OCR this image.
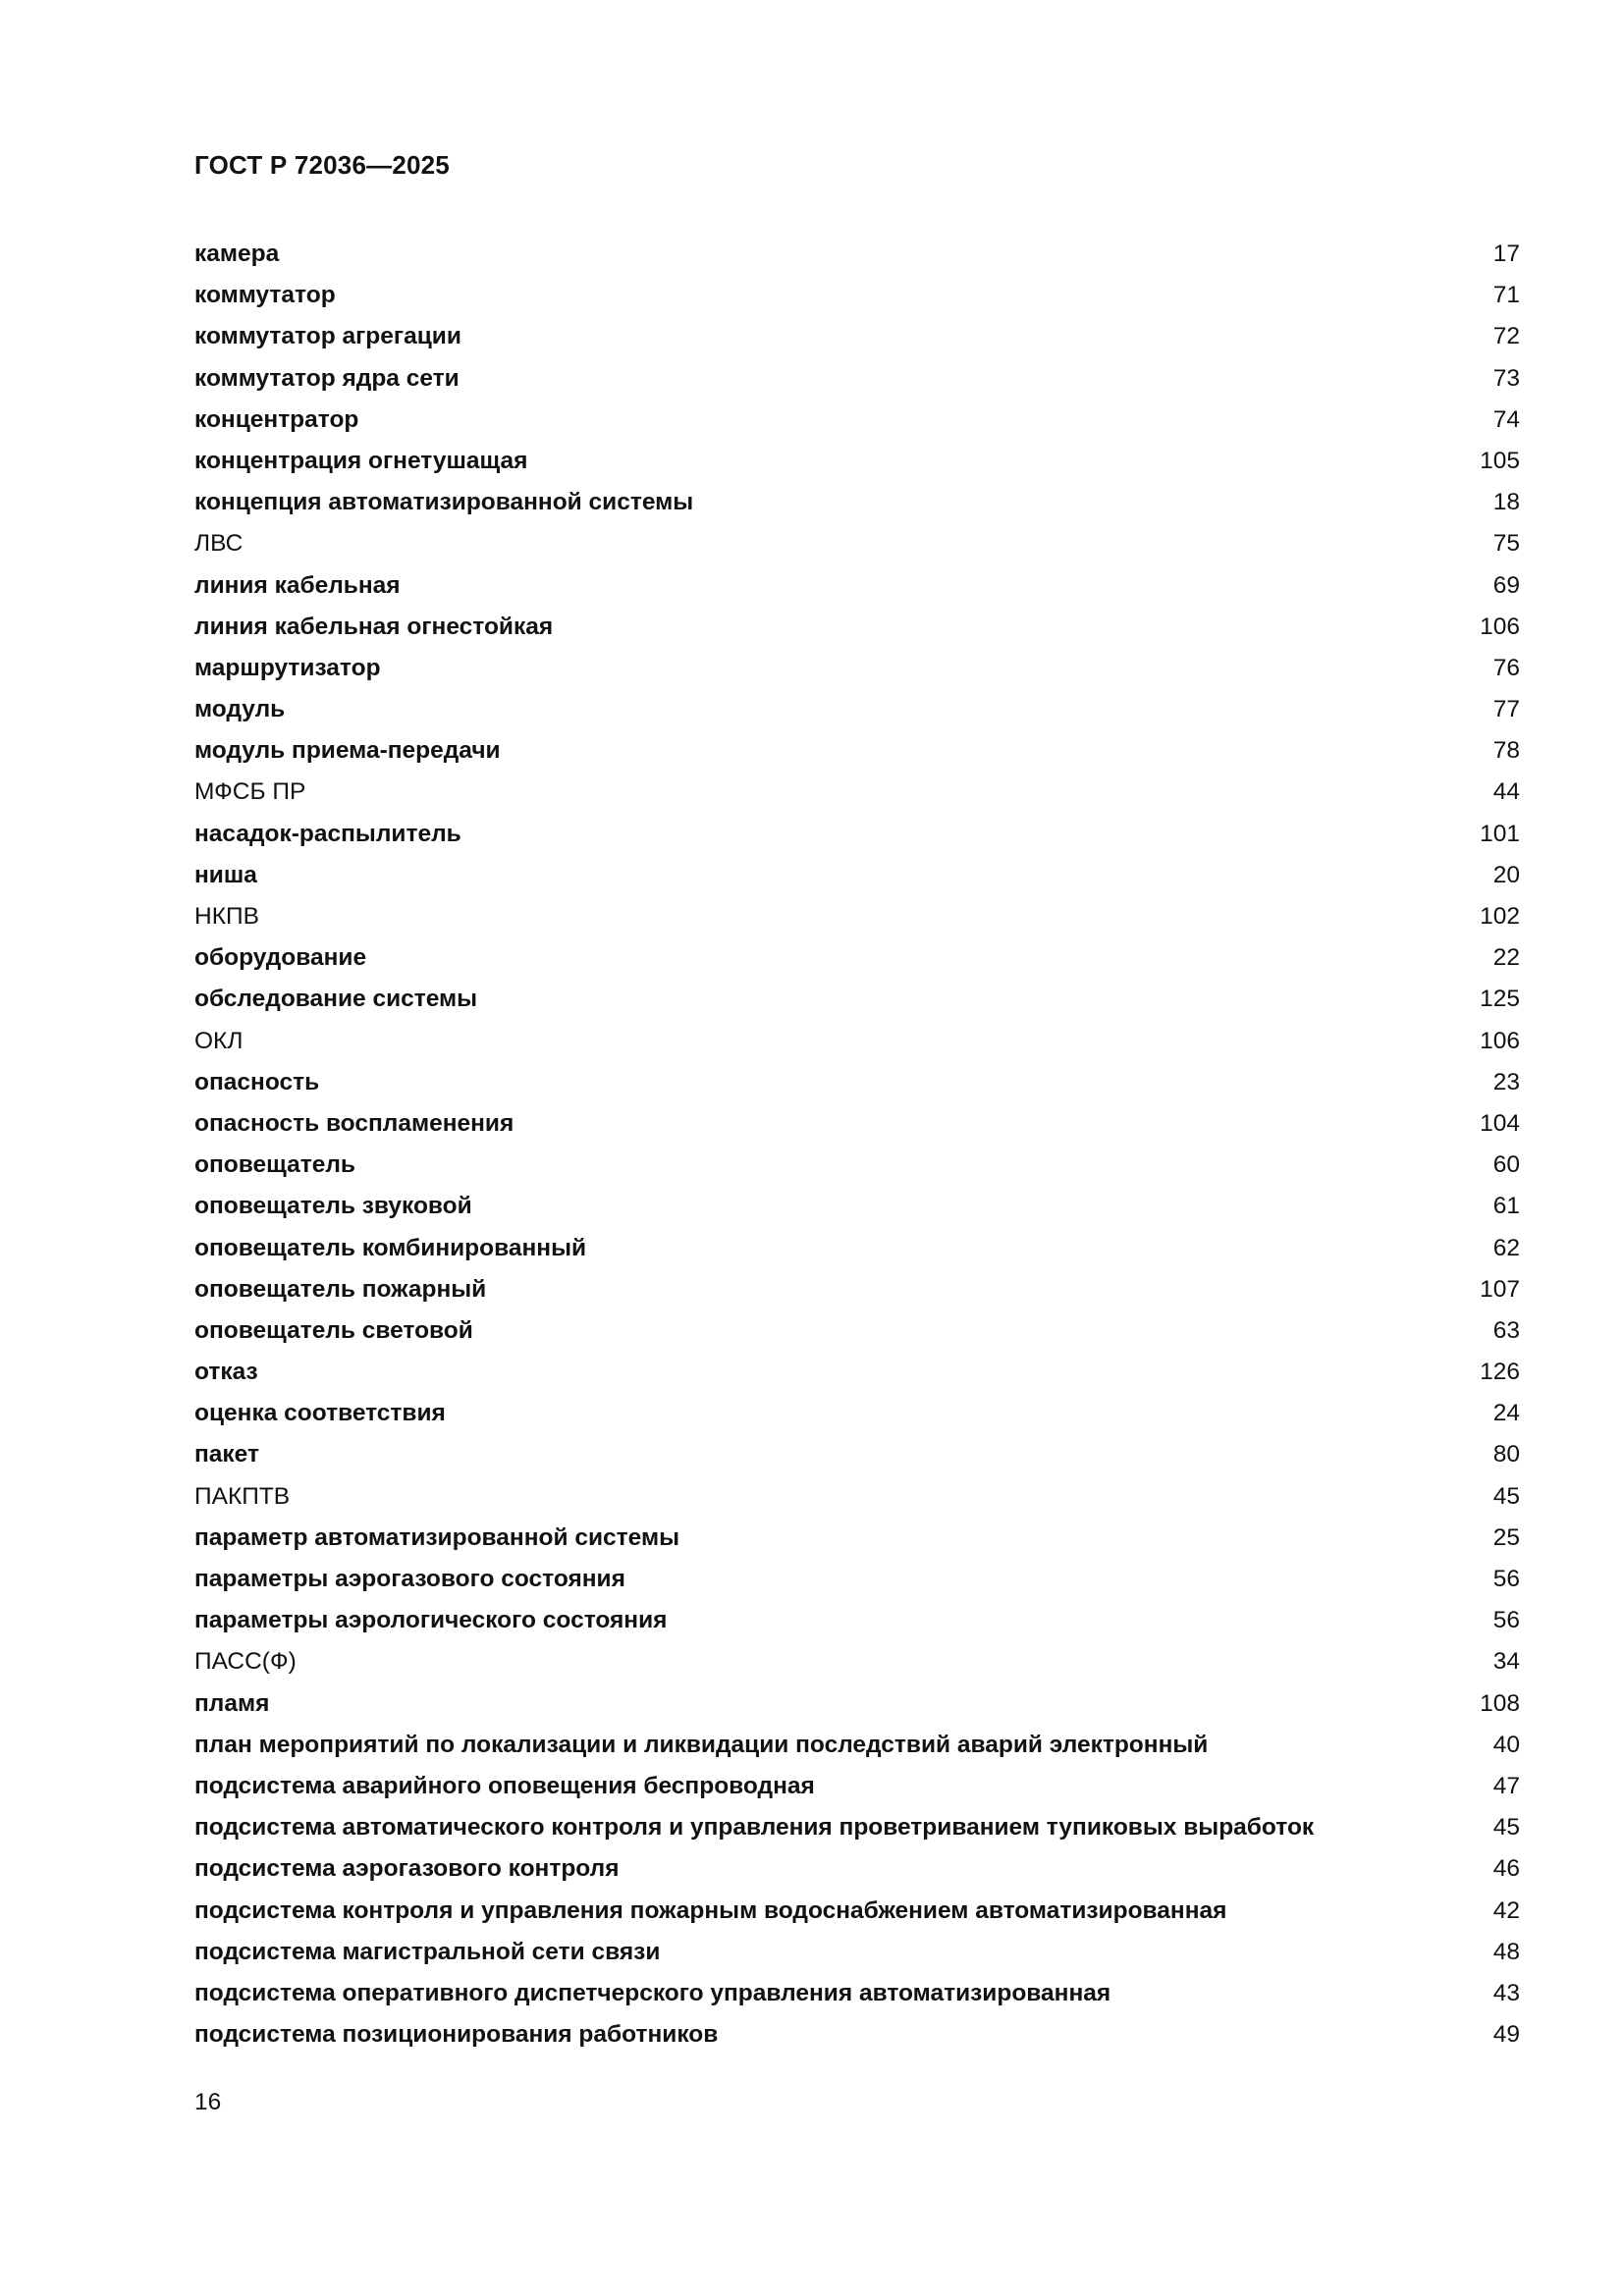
ГОСТ Р 72036—2025
камера	17
коммутатор	71
коммутатор агрегации	72
коммутатор ядра сети	73
концентратор	74
концентрация огнетушащая	105
концепция автоматизированной системы	18
ЛВС	75
линия кабельная	69
линия кабельная огнестойкая	106
маршрутизатор	76
модуль	77
модуль приема-передачи	78
МФСБ ПР	44
насадок-распылитель	101
ниша	20
НКПВ	102
оборудование	22
обследование системы	125
ОКЛ	106
опасность	23
опасность воспламенения	104
оповещатель	60
оповещатель звуковой	61
оповещатель комбинированный	62
оповещатель пожарный	107
оповещатель световой	63
отказ	126
оценка соответствия	24
пакет	80
ПАКПТВ	45
параметр автоматизированной системы	25
параметры аэрогазового состояния	56
параметры аэрологического состояния	56
ПАСС(Ф)	34
пламя	108
план мероприятий по локализации и ликвидации последствий аварий электронный	40
подсистема аварийного оповещения беспроводная	47
подсистема автоматического контроля и управления проветриванием тупиковых выработок	45
подсистема аэрогазового контроля	46
подсистема контроля и управления пожарным водоснабжением автоматизированная	42
подсистема магистральной сети связи	48
подсистема оперативного диспетчерского управления автоматизированная	43
подсистема позиционирования работников	49
16
